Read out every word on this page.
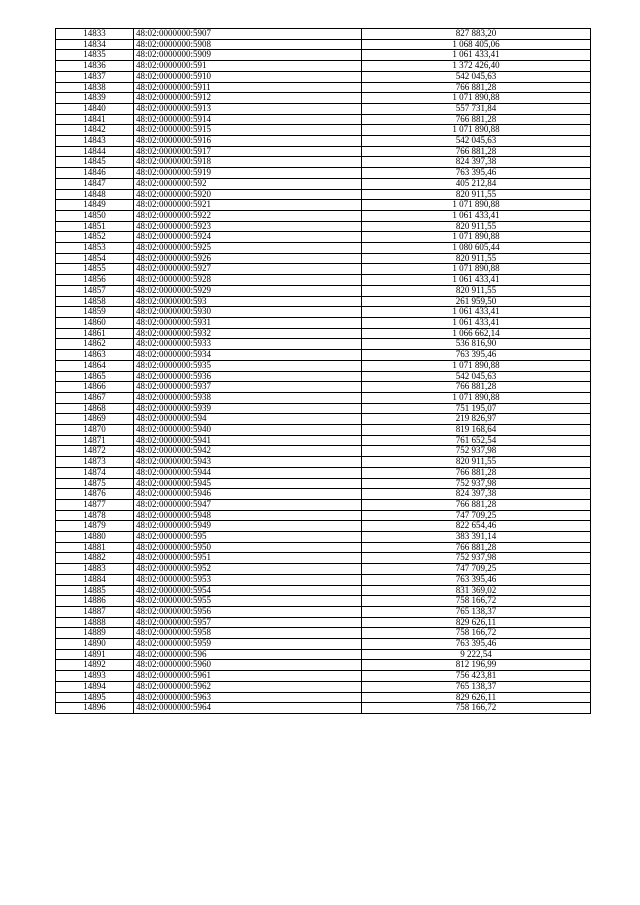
14833	48:02:0000000:5907	827 883,20
14834	48:02:0000000:5908	1 068 405,06
14835	48:02:0000000:5909	1 061 433,41
14836	48:02:0000000:591	1 372 426,40
14837	48:02:0000000:5910	542 045,63
14838	48:02:0000000:5911	766 881,28
14839	48:02:0000000:5912	1 071 890,88
14840	48:02:0000000:5913	557 731,84
14841	48:02:0000000:5914	766 881,28
14842	48:02:0000000:5915	1 071 890,88
14843	48:02:0000000:5916	542 045,63
14844	48:02:0000000:5917	766 881,28
14845	48:02:0000000:5918	824 397,38
14846	48:02:0000000:5919	763 395,46
14847	48:02:0000000:592	405 212,84
14848	48:02:0000000:5920	820 911,55
14849	48:02:0000000:5921	1 071 890,88
14850	48:02:0000000:5922	1 061 433,41
14851	48:02:0000000:5923	820 911,55
14852	48:02:0000000:5924	1 071 890,88
14853	48:02:0000000:5925	1 080 605,44
14854	48:02:0000000:5926	820 911,55
14855	48:02:0000000:5927	1 071 890,88
14856	48:02:0000000:5928	1 061 433,41
14857	48:02:0000000:5929	820 911,55
14858	48:02:0000000:593	261 959,50
14859	48:02:0000000:5930	1 061 433,41
14860	48:02:0000000:5931	1 061 433,41
14861	48:02:0000000:5932	1 066 662,14
14862	48:02:0000000:5933	536 816,90
14863	48:02:0000000:5934	763 395,46
14864	48:02:0000000:5935	1 071 890,88
14865	48:02:0000000:5936	542 045,63
14866	48:02:0000000:5937	766 881,28
14867	48:02:0000000:5938	1 071 890,88
14868	48:02:0000000:5939	751 195,07
14869	48:02:0000000:594	219 826,97
14870	48:02:0000000:5940	819 168,64
14871	48:02:0000000:5941	761 652,54
14872	48:02:0000000:5942	752 937,98
14873	48:02:0000000:5943	820 911,55
14874	48:02:0000000:5944	766 881,28
14875	48:02:0000000:5945	752 937,98
14876	48:02:0000000:5946	824 397,38
14877	48:02:0000000:5947	766 881,28
14878	48:02:0000000:5948	747 709,25
14879	48:02:0000000:5949	822 654,46
14880	48:02:0000000:595	383 391,14
14881	48:02:0000000:5950	766 881,28
14882	48:02:0000000:5951	752 937,98
14883	48:02:0000000:5952	747 709,25
14884	48:02:0000000:5953	763 395,46
14885	48:02:0000000:5954	831 369,02
14886	48:02:0000000:5955	758 166,72
14887	48:02:0000000:5956	765 138,37
14888	48:02:0000000:5957	829 626,11
14889	48:02:0000000:5958	758 166,72
14890	48:02:0000000:5959	763 395,46
14891	48:02:0000000:596	9 222,54
14892	48:02:0000000:5960	812 196,99
14893	48:02:0000000:5961	756 423,81
14894	48:02:0000000:5962	765 138,37
14895	48:02:0000000:5963	829 626,11
14896	48:02:0000000:5964	758 166,72
